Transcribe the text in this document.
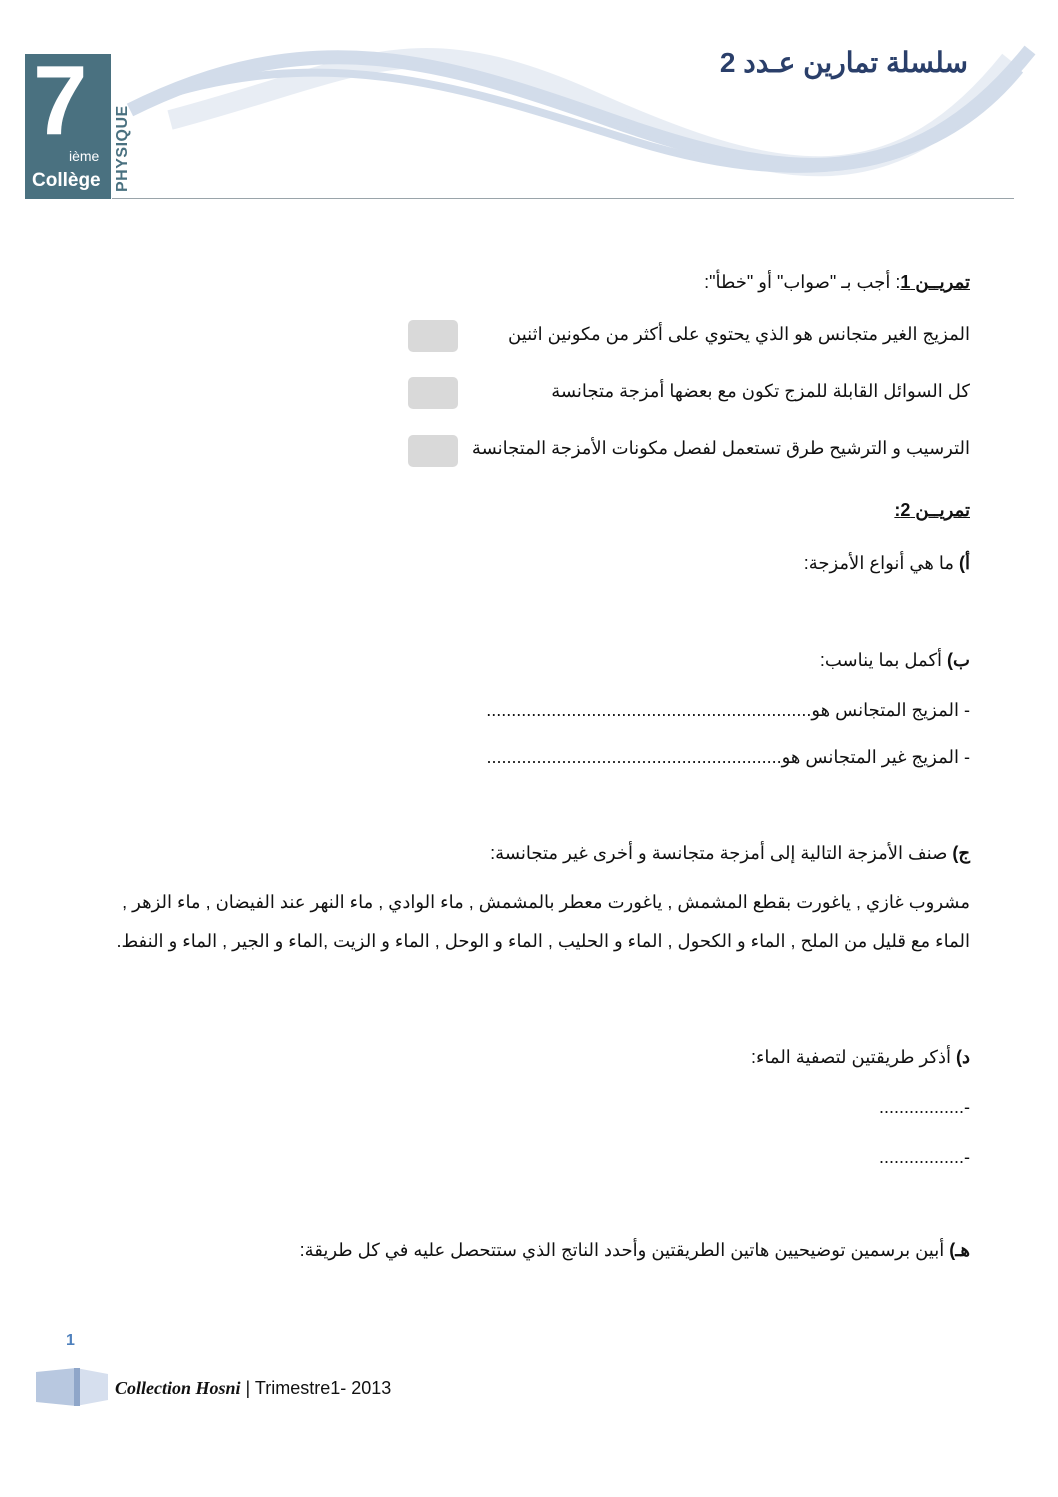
7
ième
Collège PHYSIQUE
سلسلة تمارين عـدد 2
تمريــن 1: أجب بـ "صواب" أو "خطأ":
المزيج الغير متجانس هو الذي يحتوي على أكثر من مكونين اثنين
كل السوائل القابلة للمزج تكون مع بعضها أمزجة متجانسة
الترسيب و الترشيح طرق تستعمل لفصل مكونات الأمزجة المتجانسة
تمريــن 2:
أ) ما هي أنواع الأمزجة:
ب) أكمل بما يناسب:
- المزيج المتجانس هو.................................................................
- المزيج غير المتجانس هو...........................................................
ج) صنف الأمزجة التالية إلى أمزجة متجانسة و أخرى غير متجانسة:
مشروب غازي , ياغورت بقطع المشمش , ياغورت معطر بالمشمش , ماء الوادي , ماء النهر عند الفيضان , ماء الزهر ,
الماء مع قليل من الملح , الماء و الكحول , الماء و الحليب , الماء و الوحل , الماء و الزيت ,الماء و الجير , الماء و النفط.
د) أذكر طريقتين لتصفية الماء:
-.................
-.................
هـ) أبين برسمين توضيحيين هاتين الطريقتين وأحدد الناتج الذي ستتحصل عليه في كل طريقة:
1
Collection Hosni | Trimestre1- 2013
